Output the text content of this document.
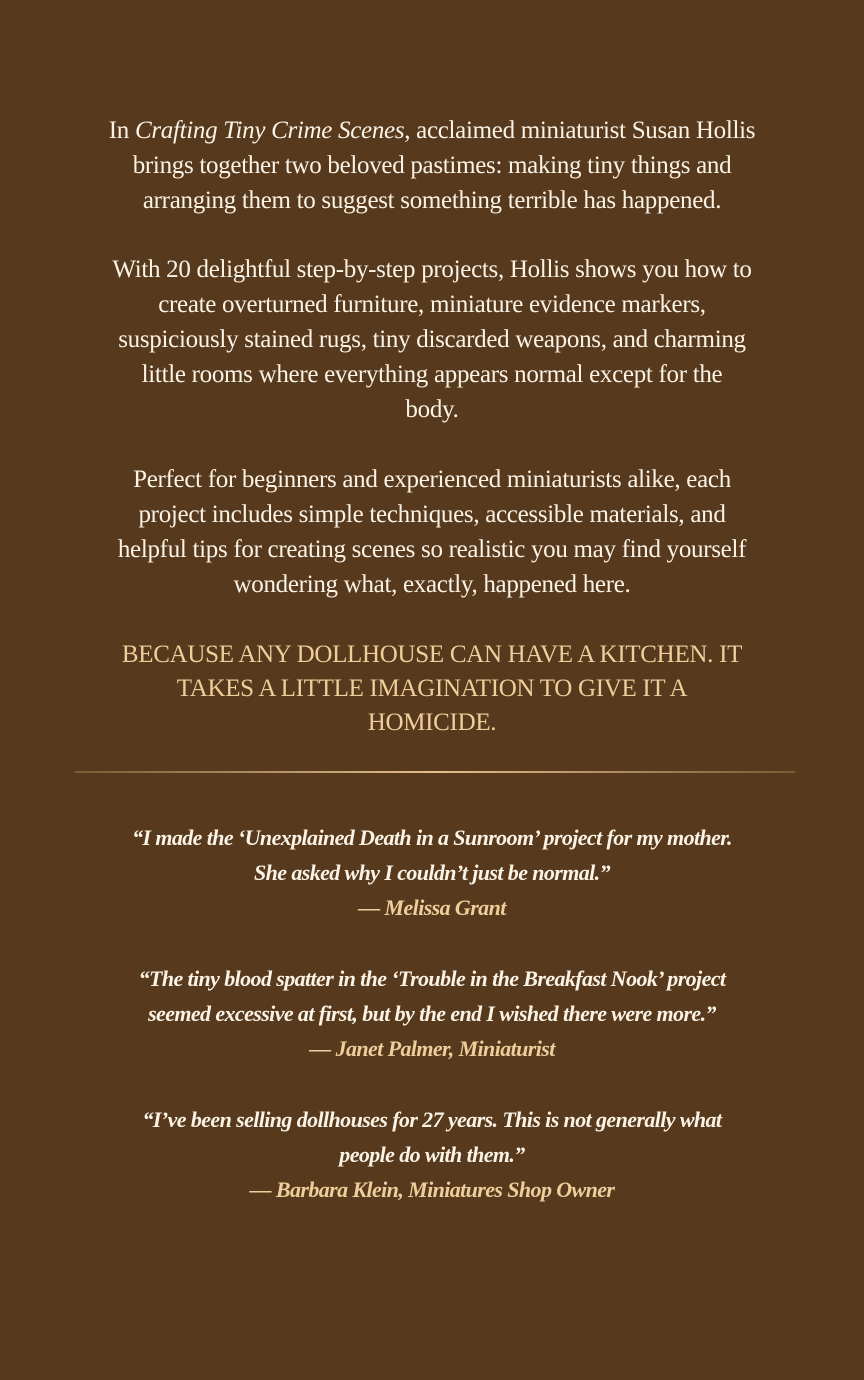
In Crafting Tiny Crime Scenes, acclaimed miniaturist Susan Hollis
brings together two beloved pastimes: making tiny things and
arranging them to suggest something terrible has happened.

With 20 delightful step-by-step projects, Hollis shows you how to
create overturned furniture, miniature evidence markers,
suspiciously stained rugs, tiny discarded weapons, and charming
little rooms where everything appears normal except for the
body.

Perfect for beginners and experienced miniaturists alike, each
project includes simple techniques, accessible materials, and
helpful tips for creating scenes so realistic you may find yourself
wondering what, exactly, happened here.

BECAUSE ANY DOLLHOUSE CAN HAVE A KITCHEN. IT
TAKES A LITTLE IMAGINATION TO GIVE IT A
HOMICIDE.

“I made the ‘Unexplained Death in a Sunroom’ project for my mother.
She asked why I couldn’t just be normal.”
— Melissa Grant
“The tiny blood spatter in the ‘Trouble in the Breakfast Nook’ project
seemed excessive at first, but by the end I wished there were more.”
— Janet Palmer, Miniaturist
“I’ve been selling dollhouses for 27 years. This is not generally what
people do with them.”
— Barbara Klein, Miniatures Shop Owner
